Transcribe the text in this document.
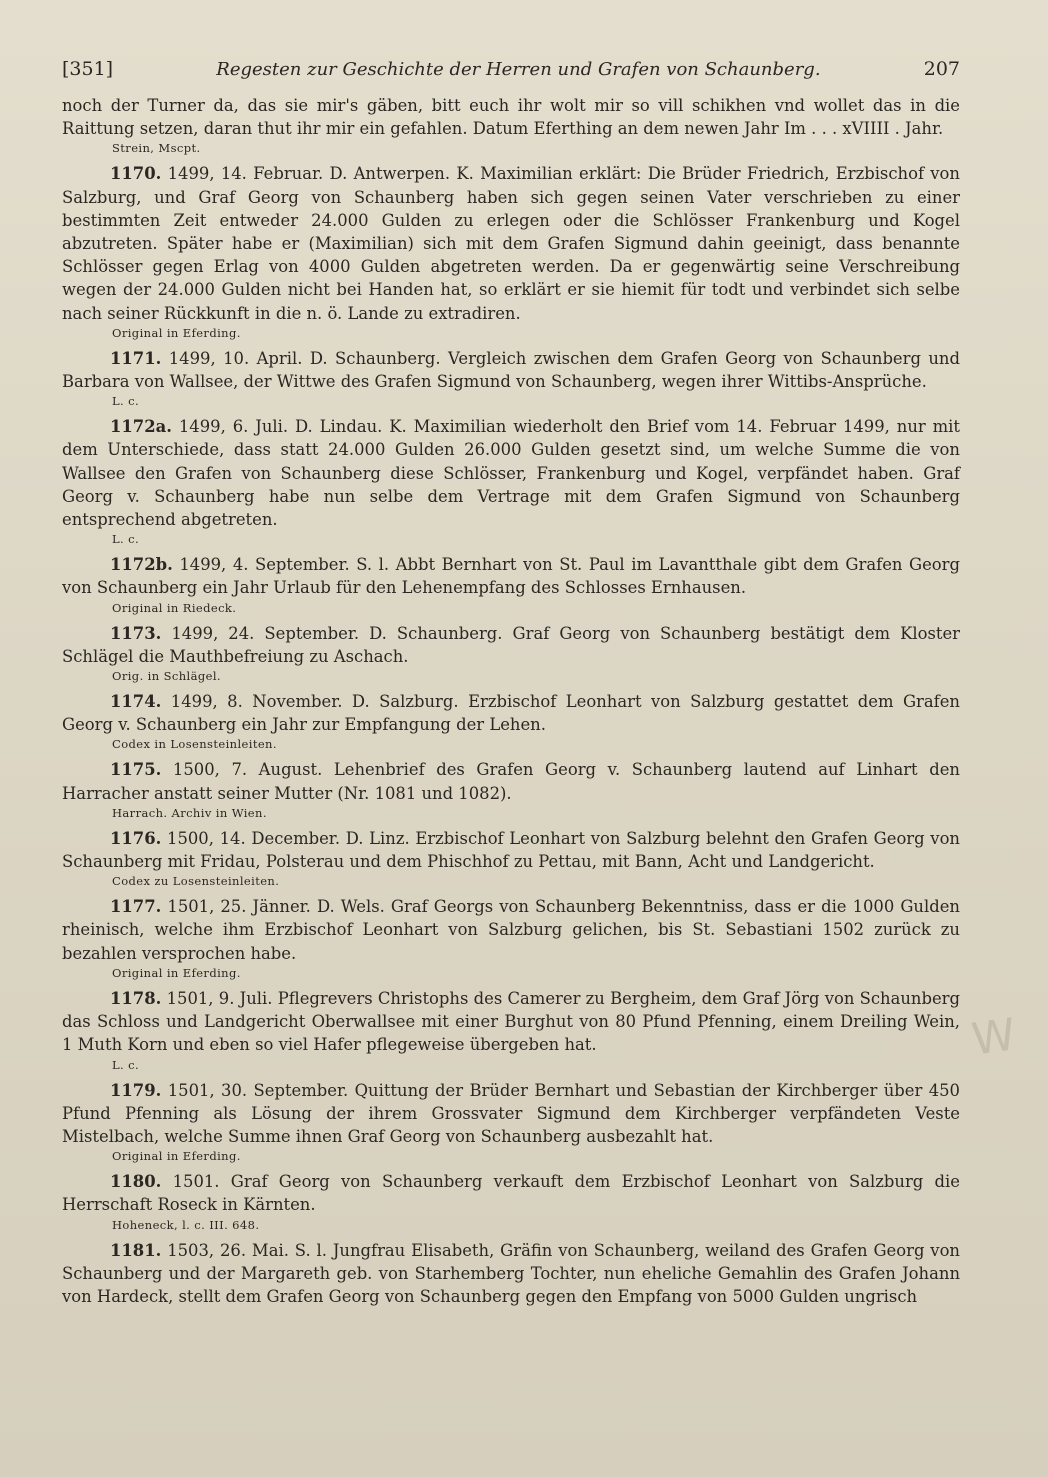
[351]	Regesten zur Geschichte der Herren und Grafen von Schaunberg.	207
noch der Turner da, das sie mir's gäben, bitt euch ihr wolt mir so vill schikhen vnd wollet das in die Raittung setzen, daran thut ihr mir ein gefahlen. Datum Eferthing an dem newen Jahr Im . . . xVIIII . Jahr.
Strein, Mscpt.
1170. 1499, 14. Februar. D. Antwerpen. K. Maximilian erklärt: Die Brüder Friedrich, Erzbischof von Salzburg, und Graf Georg von Schaunberg haben sich gegen seinen Vater verschrieben zu einer bestimmten Zeit entweder 24.000 Gulden zu erlegen oder die Schlösser Frankenburg und Kogel abzutreten. Später habe er (Maximilian) sich mit dem Grafen Sigmund dahin geeinigt, dass benannte Schlösser gegen Erlag von 4000 Gulden abgetreten werden. Da er gegenwärtig seine Verschreibung wegen der 24.000 Gulden nicht bei Handen hat, so erklärt er sie hiemit für todt und verbindet sich selbe nach seiner Rückkunft in die n. ö. Lande zu extradiren.
Original in Eferding.
1171. 1499, 10. April. D. Schaunberg. Vergleich zwischen dem Grafen Georg von Schaunberg und Barbara von Wallsee, der Wittwe des Grafen Sigmund von Schaunberg, wegen ihrer Wittibs-Ansprüche.
L. c.
1172a. 1499, 6. Juli. D. Lindau. K. Maximilian wiederholt den Brief vom 14. Februar 1499, nur mit dem Unterschiede, dass statt 24.000 Gulden 26.000 Gulden gesetzt sind, um welche Summe die von Wallsee den Grafen von Schaunberg diese Schlösser, Frankenburg und Kogel, verpfändet haben. Graf Georg v. Schaunberg habe nun selbe dem Vertrage mit dem Grafen Sigmund von Schaunberg entsprechend abgetreten.
L. c.
1172b. 1499, 4. September. S. l. Abbt Bernhart von St. Paul im Lavantthale gibt dem Grafen Georg von Schaunberg ein Jahr Urlaub für den Lehenempfang des Schlosses Ernhausen.
Original in Riedeck.
1173. 1499, 24. September. D. Schaunberg. Graf Georg von Schaunberg bestätigt dem Kloster Schlägel die Mauthbefreiung zu Aschach.
Orig. in Schlägel.
1174. 1499, 8. November. D. Salzburg. Erzbischof Leonhart von Salzburg gestattet dem Grafen Georg v. Schaunberg ein Jahr zur Empfangung der Lehen.
Codex in Losensteinleiten.
1175. 1500, 7. August. Lehenbrief des Grafen Georg v. Schaunberg lautend auf Linhart den Harracher anstatt seiner Mutter (Nr. 1081 und 1082).
Harrach. Archiv in Wien.
1176. 1500, 14. December. D. Linz. Erzbischof Leonhart von Salzburg belehnt den Grafen Georg von Schaunberg mit Fridau, Polsterau und dem Phischhof zu Pettau, mit Bann, Acht und Landgericht.
Codex zu Losensteinleiten.
1177. 1501, 25. Jänner. D. Wels. Graf Georgs von Schaunberg Bekenntniss, dass er die 1000 Gulden rheinisch, welche ihm Erzbischof Leonhart von Salzburg gelichen, bis St. Sebastiani 1502 zurück zu bezahlen versprochen habe.
Original in Eferding.
1178. 1501, 9. Juli. Pflegrevers Christophs des Camerer zu Bergheim, dem Graf Jörg von Schaunberg das Schloss und Landgericht Oberwallsee mit einer Burghut von 80 Pfund Pfenning, einem Dreiling Wein, 1 Muth Korn und eben so viel Hafer pflegeweise übergeben hat.
L. c.
1179. 1501, 30. September. Quittung der Brüder Bernhart und Sebastian der Kirchberger über 450 Pfund Pfenning als Lösung der ihrem Grossvater Sigmund dem Kirchberger verpfändeten Veste Mistelbach, welche Summe ihnen Graf Georg von Schaunberg ausbezahlt hat.
Original in Eferding.
1180. 1501. Graf Georg von Schaunberg verkauft dem Erzbischof Leonhart von Salzburg die Herrschaft Roseck in Kärnten.
Hoheneck, l. c. III. 648.
1181. 1503, 26. Mai. S. l. Jungfrau Elisabeth, Gräfin von Schaunberg, weiland des Grafen Georg von Schaunberg und der Margareth geb. von Starhemberg Tochter, nun eheliche Gemahlin des Grafen Johann von Hardeck, stellt dem Grafen Georg von Schaunberg gegen den Empfang von 5000 Gulden ungrisch
W
